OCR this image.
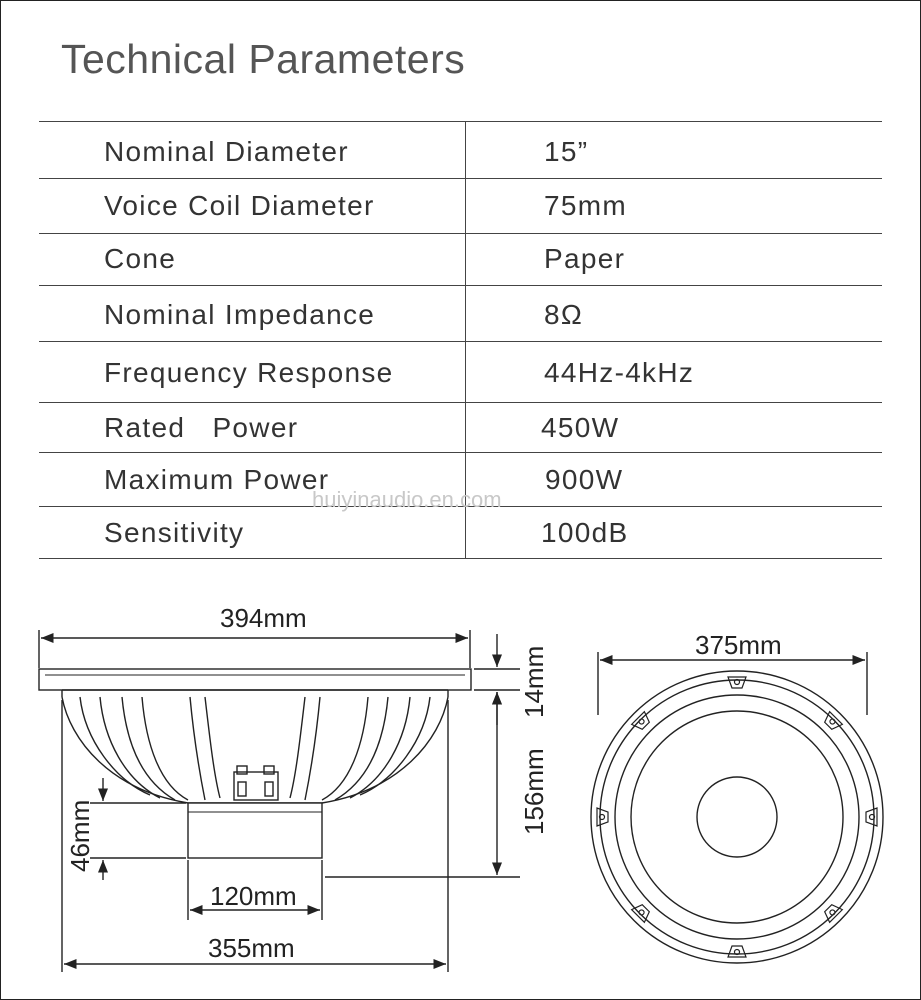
Technical Parameters
Nominal Diameter	15”
Voice Coil Diameter	75mm
Cone	Paper
Nominal Impedance	8Ω
Frequency Response	44Hz-4kHz
Rated   Power	450W
Maximum Power	900W
Sensitivity	100dB
huiyinaudio.en.com
394mm
120mm
355mm
46mm
156mm
14mm
375mm
